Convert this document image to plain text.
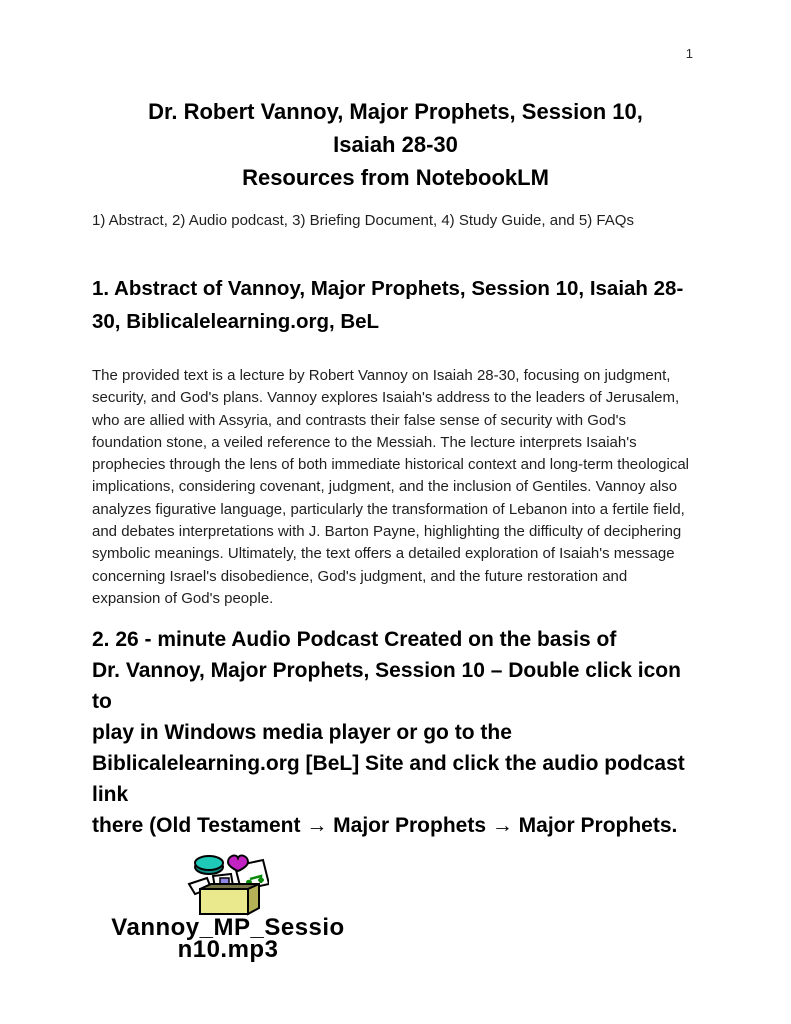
1
Dr. Robert Vannoy, Major Prophets, Session 10,
Isaiah 28-30
Resources from NotebookLM
1) Abstract, 2) Audio podcast, 3) Briefing Document, 4) Study Guide, and 5) FAQs
1. Abstract of Vannoy, Major Prophets, Session 10, Isaiah 28-
30, Biblicalelearning.org, BeL
The provided text is a lecture by Robert Vannoy on Isaiah 28-30, focusing on judgment, security, and God's plans. Vannoy explores Isaiah's address to the leaders of Jerusalem, who are allied with Assyria, and contrasts their false sense of security with God's foundation stone, a veiled reference to the Messiah. The lecture interprets Isaiah's prophecies through the lens of both immediate historical context and long-term theological implications, considering covenant, judgment, and the inclusion of Gentiles. Vannoy also analyzes figurative language, particularly the transformation of Lebanon into a fertile field, and debates interpretations with J. Barton Payne, highlighting the difficulty of deciphering symbolic meanings. Ultimately, the text offers a detailed exploration of Isaiah's message concerning Israel's disobedience, God's judgment, and the future restoration and expansion of God's people.
2. 26 - minute Audio Podcast Created on the basis of
Dr. Vannoy, Major Prophets, Session 10 – Double click icon to
play in Windows media player or go to the
Biblicalelearning.org [BeL] Site and click the audio podcast link
there (Old Testament → Major Prophets → Major Prophets.
Vannoy_MP_Sessio
n10.mp3
